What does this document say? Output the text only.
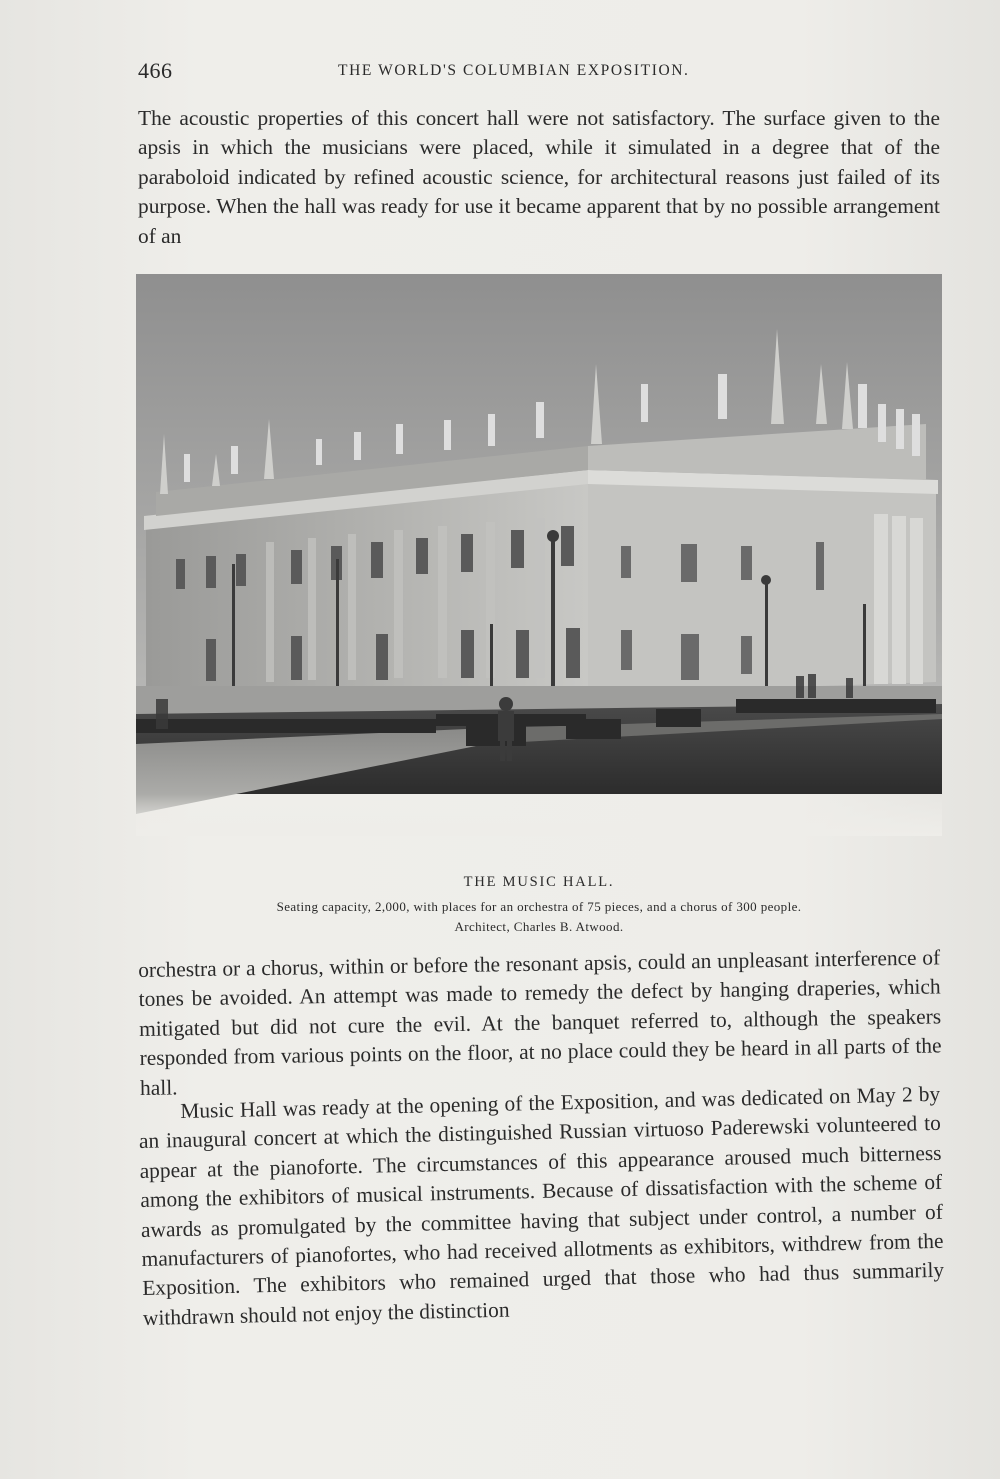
466	THE WORLD'S COLUMBIAN EXPOSITION.

The acoustic properties of this concert hall were not satisfactory. The surface given to the apsis in which the musicians were placed, while it simulated in a degree that of the paraboloid indicated by refined acoustic science, for architectural reasons just failed of its purpose. When the hall was ready for use it became apparent that by no possible arrangement of an

THE MUSIC HALL.

Seating capacity, 2,000, with places for an orchestra of 75 pieces, and a chorus of 300 people.

Architect, Charles B. Atwood.

orchestra or a chorus, within or before the resonant apsis, could an unpleasant interference of tones be avoided. An attempt was made to remedy the defect by hanging draperies, which mitigated but did not cure the evil. At the banquet referred to, although the speakers responded from various points on the floor, at no place could they be heard in all parts of the hall. Music Hall was ready at the opening of the Exposition, and was dedicated on May 2 by an inaugural concert at which the distinguished Russian virtuoso Paderewski volunteered to appear at the pianoforte. The circumstances of this appearance aroused much bitterness among the exhibitors of musical instruments. Because of dissatisfaction with the scheme of awards as promulgated by the committee having that subject under control, a number of manufacturers of pianofortes, who had received allotments as exhibitors, withdrew from the Exposition. The exhibitors who remained urged that those who had thus summarily withdrawn should not enjoy the distinction
